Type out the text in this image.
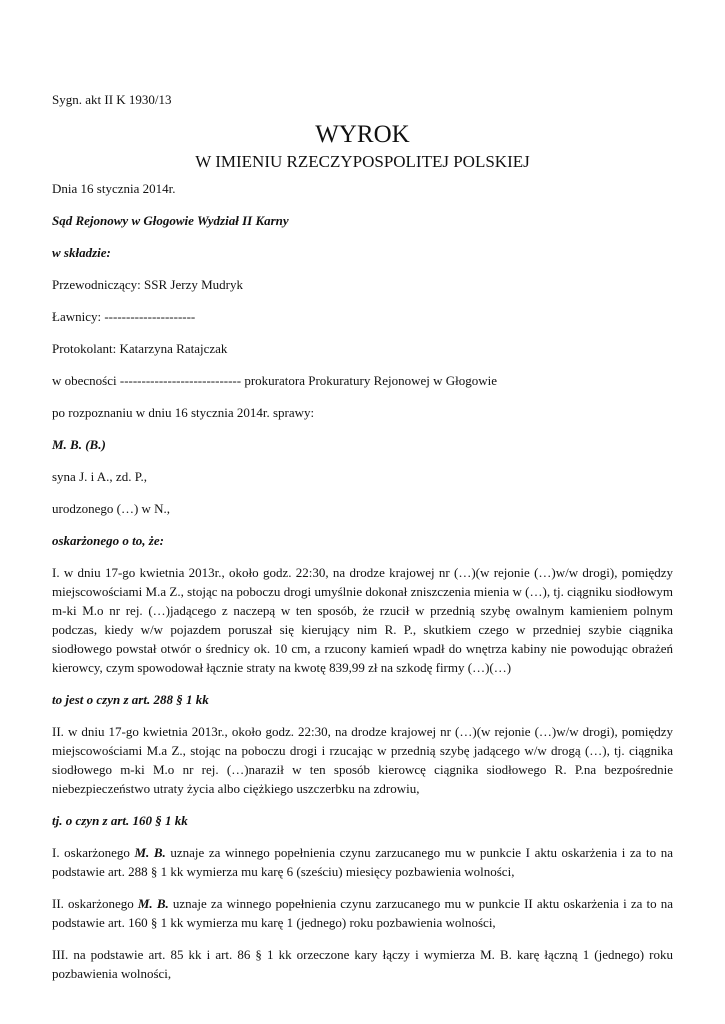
Sygn. akt II K 1930/13

WYROK

W IMIENIU RZECZYPOSPOLITEJ POLSKIEJ

Dnia 16 stycznia 2014r.

Sąd Rejonowy w Głogowie Wydział II Karny

w składzie:

Przewodniczący: SSR Jerzy Mudryk

Ławnicy: ---------------------

Protokolant: Katarzyna Ratajczak

w obecności ---------------------------- prokuratora Prokuratury Rejonowej w Głogowie

po rozpoznaniu w dniu 16 stycznia 2014r. sprawy:

M. B. (B.)

syna J. i A., zd. P.,

urodzonego (…) w N.,

oskarżonego o to, że:

I. w dniu 17-go kwietnia 2013r., około godz. 22:30, na drodze krajowej nr (…)(w rejonie (…)w/w drogi), pomiędzy miejscowościami M.a Z., stojąc na poboczu drogi umyślnie dokonał zniszczenia mienia w (…), tj. ciągniku siodłowym m-ki M.o nr rej. (…)jadącego z naczepą w ten sposób, że rzucił w przednią szybę owalnym kamieniem polnym podczas, kiedy w/w pojazdem poruszał się kierujący nim R. P., skutkiem czego w przedniej szybie ciągnika siodłowego powstał otwór o średnicy ok. 10 cm, a rzucony kamień wpadł do wnętrza kabiny nie powodując obrażeń kierowcy, czym spowodował łącznie straty na kwotę 839,99 zł na szkodę firmy (…)(…)

to jest o czyn z art. 288 § 1 kk

II. w dniu 17-go kwietnia 2013r., około godz. 22:30, na drodze krajowej nr (…)(w rejonie (…)w/w drogi), pomiędzy miejscowościami M.a Z., stojąc na poboczu drogi i rzucając w przednią szybę jadącego w/w drogą (…), tj. ciągnika siodłowego m-ki M.o nr rej. (…)naraził w ten sposób kierowcę ciągnika siodłowego R. P.na bezpośrednie niebezpieczeństwo utraty życia albo ciężkiego uszczerbku na zdrowiu,

tj. o czyn z art. 160 § 1 kk

I. oskarżonego M. B. uznaje za winnego popełnienia czynu zarzucanego mu w punkcie I aktu oskarżenia i za to na podstawie art. 288 § 1 kk wymierza mu karę 6 (sześciu) miesięcy pozbawienia wolności,

II. oskarżonego M. B. uznaje za winnego popełnienia czynu zarzucanego mu w punkcie II aktu oskarżenia i za to na podstawie art. 160 § 1 kk wymierza mu karę 1 (jednego) roku pozbawienia wolności,

III. na podstawie art. 85 kk i art. 86 § 1 kk orzeczone kary łączy i wymierza M. B. karę łączną 1 (jednego) roku pozbawienia wolności,
